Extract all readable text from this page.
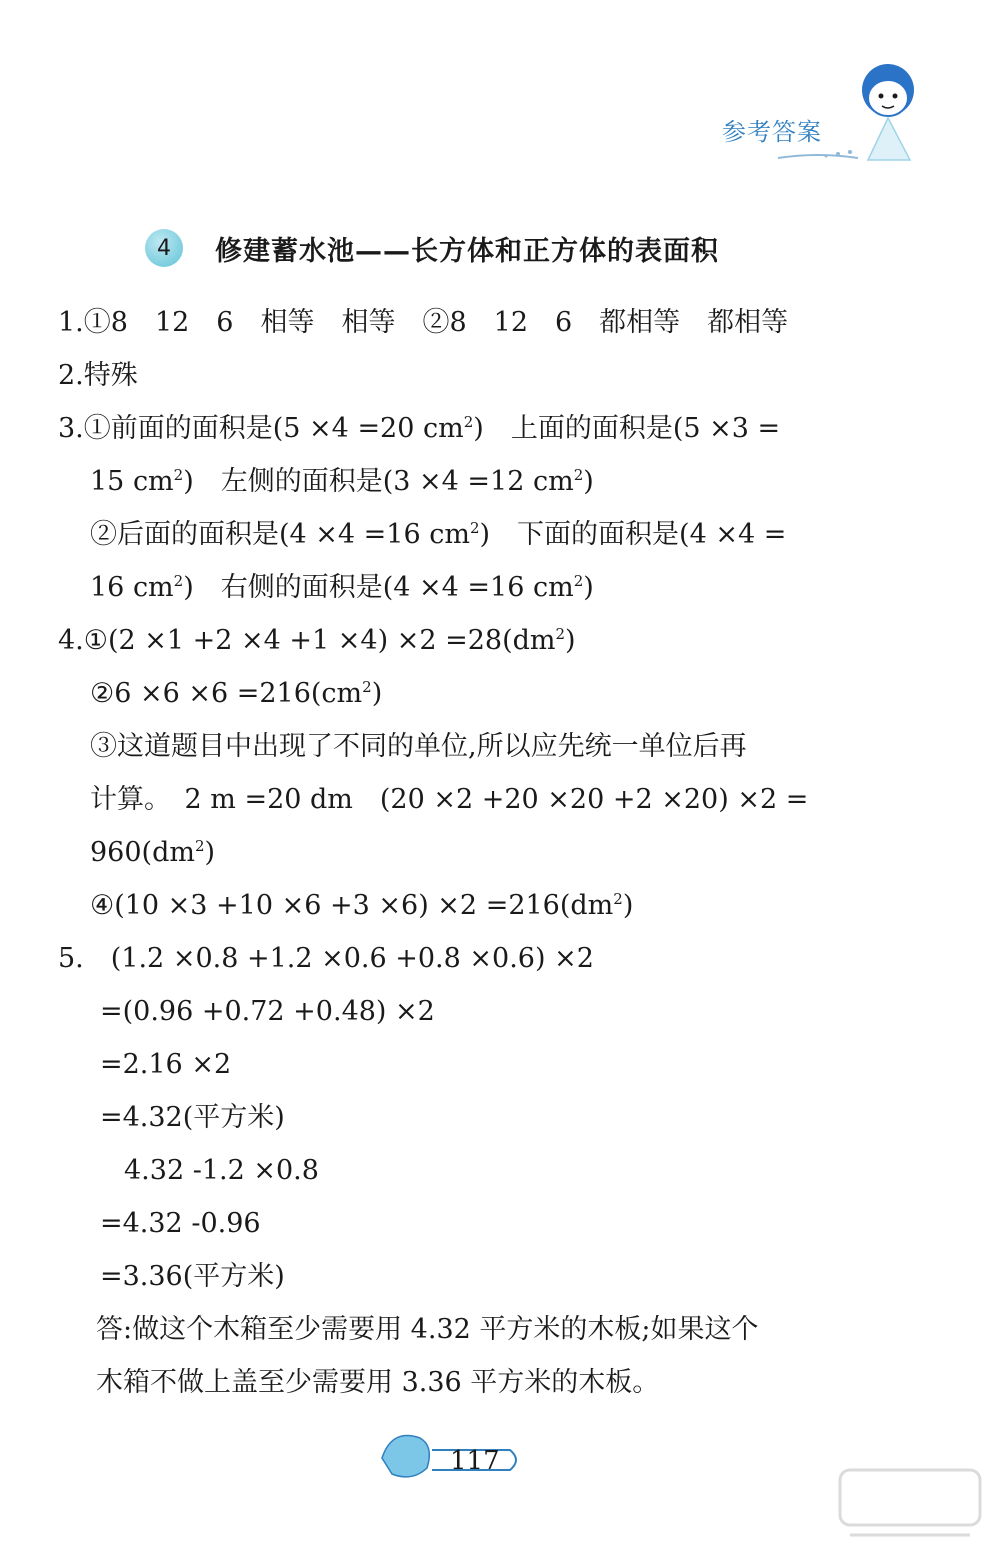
参考答案
4	修建蓄水池——长方体和正方体的表面积
1.①8　12　6　相等　相等　②8　12　6　都相等　都相等
2.特殊
3.①前面的面积是(5 ×4 =20 $cm^2$)　上面的面积是(5 ×3 =
15 $cm^2$)　左侧的面积是(3 ×4 =12 $cm^2$)
②后面的面积是(4 ×4 =16 $cm^2$)　下面的面积是(4 ×4 =
16 $cm^2$)　右侧的面积是(4 ×4 =16 $cm^2$)
4.①(2 $\times 1 +2 \times 4 +1 \times 4) \times 2 =28(dm^2)$
②6 $\times 6 \times 6 =216(cm^2)$
③这道题目中出现了不同的单位,所以应先统一单位后再
计算。　2 m =20 dm　(20 ×2 +20 ×20 +2 ×20) ×2 =
$960(dm^2)$
④(10 $\times 3 +10 \times 6 +3 \times 6) \times 2 =216(dm^2)$
5.　(1.2 ×0.8 +1.2 ×0.6 +0.8 ×0.6) ×2
=(0.96 +0.72 +0.48) ×2
=2.16 ×2
=4.32(平方米)
4.32 -1.2 ×0.8
=4.32 -0.96
=3.36(平方米)
答:做这个木箱至少需要用 4.32 平方米的木板;如果这个
木箱不做上盖至少需要用 3.36 平方米的木板。
117
